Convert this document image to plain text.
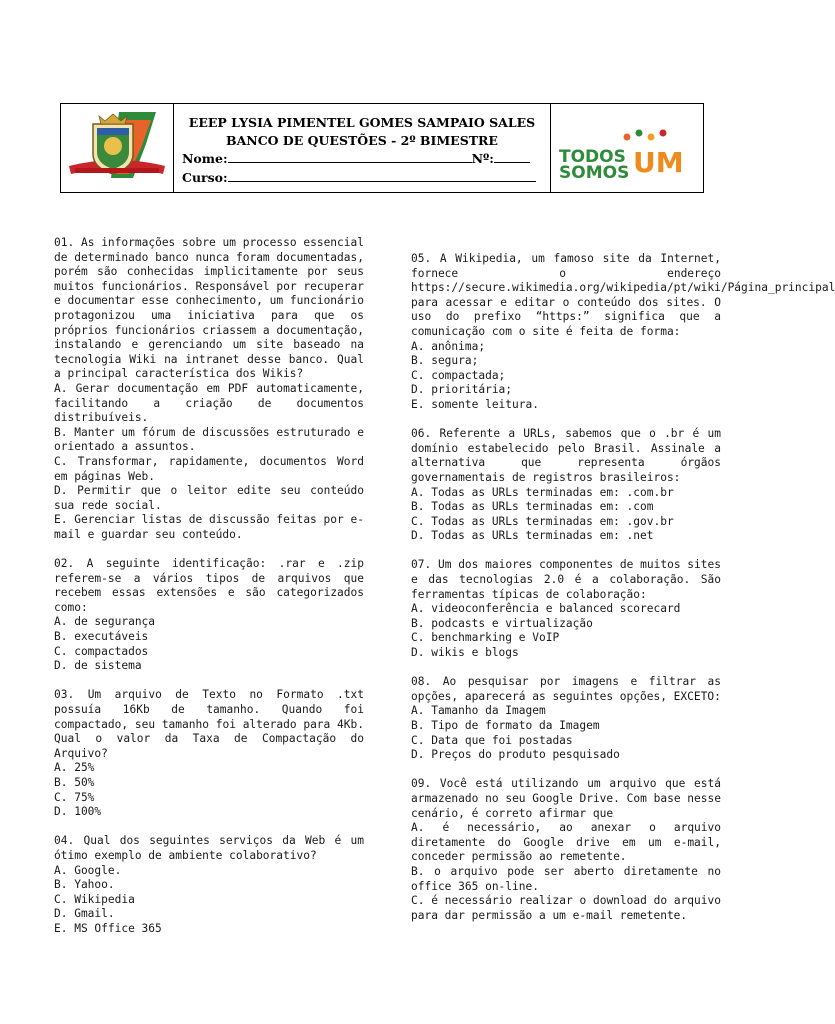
EEEP LYSIA PIMENTEL GOMES SAMPAIO SALES
BANCO DE QUESTÕES - 2º BIMESTRE
Nome:	Nº:
Curso:
TODOS
SOMOS UM

01. As informações sobre um processo essencial de determinado banco nunca foram documentadas, porém são conhecidas implicitamente por seus muitos funcionários. Responsável por recuperar e documentar esse conhecimento, um funcionário protagonizou uma iniciativa para que os próprios funcionários criassem a documentação, instalando e gerenciando um site baseado na tecnologia Wiki na intranet desse banco. Qual a principal característica dos Wikis?

A. Gerar documentação em PDF automaticamente, facilitando a criação de documentos distribuíveis.

B. Manter um fórum de discussões estruturado e orientado a assuntos.

C. Transformar, rapidamente, documentos Word em páginas Web.

D. Permitir que o leitor edite seu conteúdo sua rede social.

E. Gerenciar listas de discussão feitas por e-mail e guardar seu conteúdo.

02. A seguinte identificação: .rar e .zip referem-se a vários tipos de arquivos que recebem essas extensões e são categorizados como:

A. de segurança

B. executáveis

C. compactados

D. de sistema

03. Um arquivo de Texto no Formato .txt possuía 16Kb de tamanho. Quando foi compactado, seu tamanho foi alterado para 4Kb. Qual o valor da Taxa de Compactação do Arquivo?

A. 25%

B. 50%

C. 75%

D. 100%

04. Qual dos seguintes serviços da Web é um ótimo exemplo de ambiente colaborativo?

A. Google.

B. Yahoo.

C. Wikipedia

D. Gmail.

E. MS Office 365

05. A Wikipedia, um famoso site da Internet, fornece o endereço https://secure.wikimedia.org/wikipedia/pt/wiki/Página_principal para acessar e editar o conteúdo dos sites. O uso do prefixo “https:” significa que a comunicação com o site é feita de forma:

A. anônima;

B. segura;

C. compactada;

D. prioritária;

E. somente leitura.

06. Referente a URLs, sabemos que o .br é um domínio estabelecido pelo Brasil. Assinale a alternativa que representa órgãos governamentais de registros brasileiros:

A. Todas as URLs terminadas em: .com.br

B. Todas as URLs terminadas em: .com

C. Todas as URLs terminadas em: .gov.br

D. Todas as URLs terminadas em: .net

07. Um dos maiores componentes de muitos sites e das tecnologias 2.0 é a colaboração. São ferramentas típicas de colaboração:

A. videoconferência e balanced scorecard

B. podcasts e virtualização

C. benchmarking e VoIP

D. wikis e blogs

08. Ao pesquisar por imagens e filtrar as opções, aparecerá as seguintes opções, EXCETO:

A. Tamanho da Imagem

B. Tipo de formato da Imagem

C. Data que foi postadas

D. Preços do produto pesquisado

09. Você está utilizando um arquivo que está armazenado no seu Google Drive. Com base nesse cenário, é correto afirmar que

A. é necessário, ao anexar o arquivo diretamente do Google drive em um e-mail, conceder permissão ao remetente.

B. o arquivo pode ser aberto diretamente no office 365 on-line.

C. é necessário realizar o download do arquivo para dar permissão a um e-mail remetente.
